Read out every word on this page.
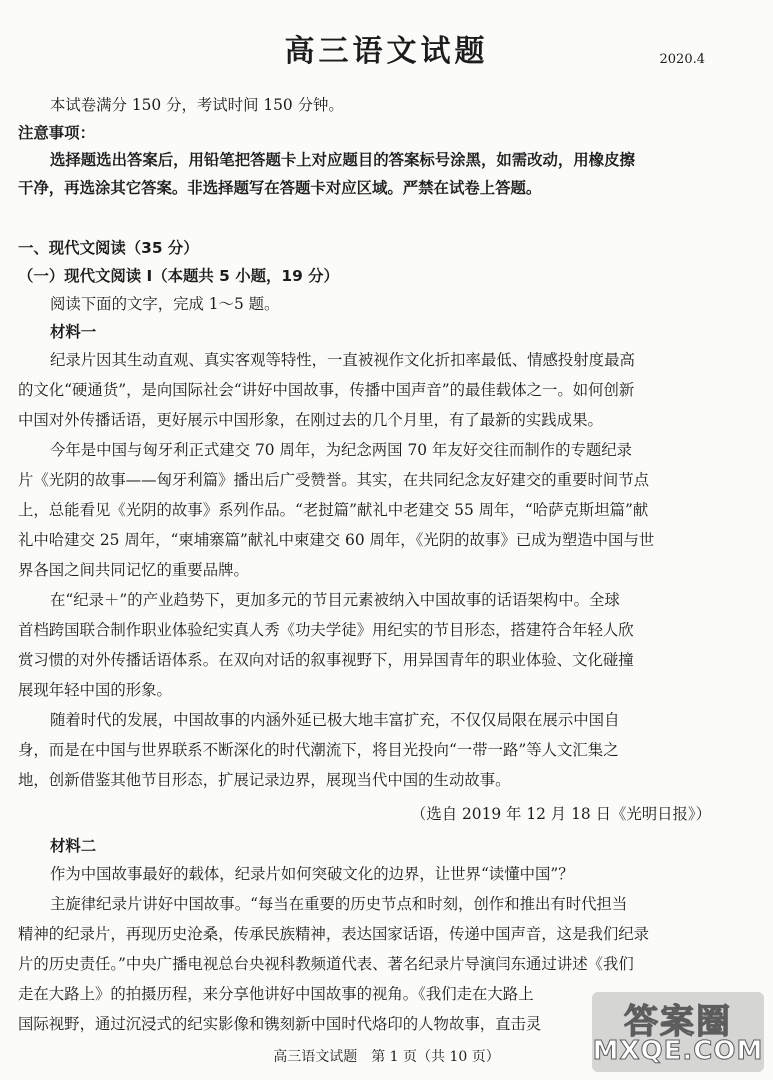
高三语文试题	2020.4

本试卷满分 150 分，考试时间 150 分钟。

注意事项：

选择题选出答案后，用铅笔把答题卡上对应题目的答案标号涂黑，如需改动，用橡皮擦

干净，再选涂其它答案。非选择题写在答题卡对应区域。严禁在试卷上答题。

一、现代文阅读（35 分）

（一）现代文阅读 Ⅰ（本题共 5 小题，19 分）

阅读下面的文字，完成 1～5 题。

材料一

纪录片因其生动直观、真实客观等特性，一直被视作文化折扣率最低、情感投射度最高

的文化“硬通货”，是向国际社会“讲好中国故事，传播中国声音”的最佳载体之一。如何创新

中国对外传播话语，更好展示中国形象，在刚过去的几个月里，有了最新的实践成果。

今年是中国与匈牙利正式建交 70 周年，为纪念两国 70 年友好交往而制作的专题纪录

片《光阴的故事——匈牙利篇》播出后广受赞誉。其实，在共同纪念友好建交的重要时间节点

上，总能看见《光阴的故事》系列作品。“老挝篇”献礼中老建交 55 周年，“哈萨克斯坦篇”献

礼中哈建交 25 周年，“柬埔寨篇”献礼中柬建交 60 周年，《光阴的故事》已成为塑造中国与世

界各国之间共同记忆的重要品牌。

在“纪录＋”的产业趋势下，更加多元的节目元素被纳入中国故事的话语架构中。全球

首档跨国联合制作职业体验纪实真人秀《功夫学徒》用纪实的节目形态，搭建符合年轻人欣

赏习惯的对外传播话语体系。在双向对话的叙事视野下，用异国青年的职业体验、文化碰撞

展现年轻中国的形象。

随着时代的发展，中国故事的内涵外延已极大地丰富扩充，不仅仅局限在展示中国自

身，而是在中国与世界联系不断深化的时代潮流下，将目光投向“一带一路”等人文汇集之

地，创新借鉴其他节目形态，扩展记录边界，展现当代中国的生动故事。

（选自 2019 年 12 月 18 日《光明日报》）

材料二

作为中国故事最好的载体，纪录片如何突破文化的边界，让世界“读懂中国”？

主旋律纪录片讲好中国故事。“每当在重要的历史节点和时刻，创作和推出有时代担当

精神的纪录片，再现历史沧桑，传承民族精神，表达国家话语，传递中国声音，这是我们纪录

片的历史责任。”中央广播电视总台央视科教频道代表、著名纪录片导演闫东通过讲述《我们

走在大路上》的拍摄历程，来分享他讲好中国故事的视角。《我们走在大路上

国际视野，通过沉浸式的纪实影像和镌刻新中国时代烙印的人物故事，直击灵

高三语文试题　第 1 页（共 10 页）

答案圈
MXQE.COM
